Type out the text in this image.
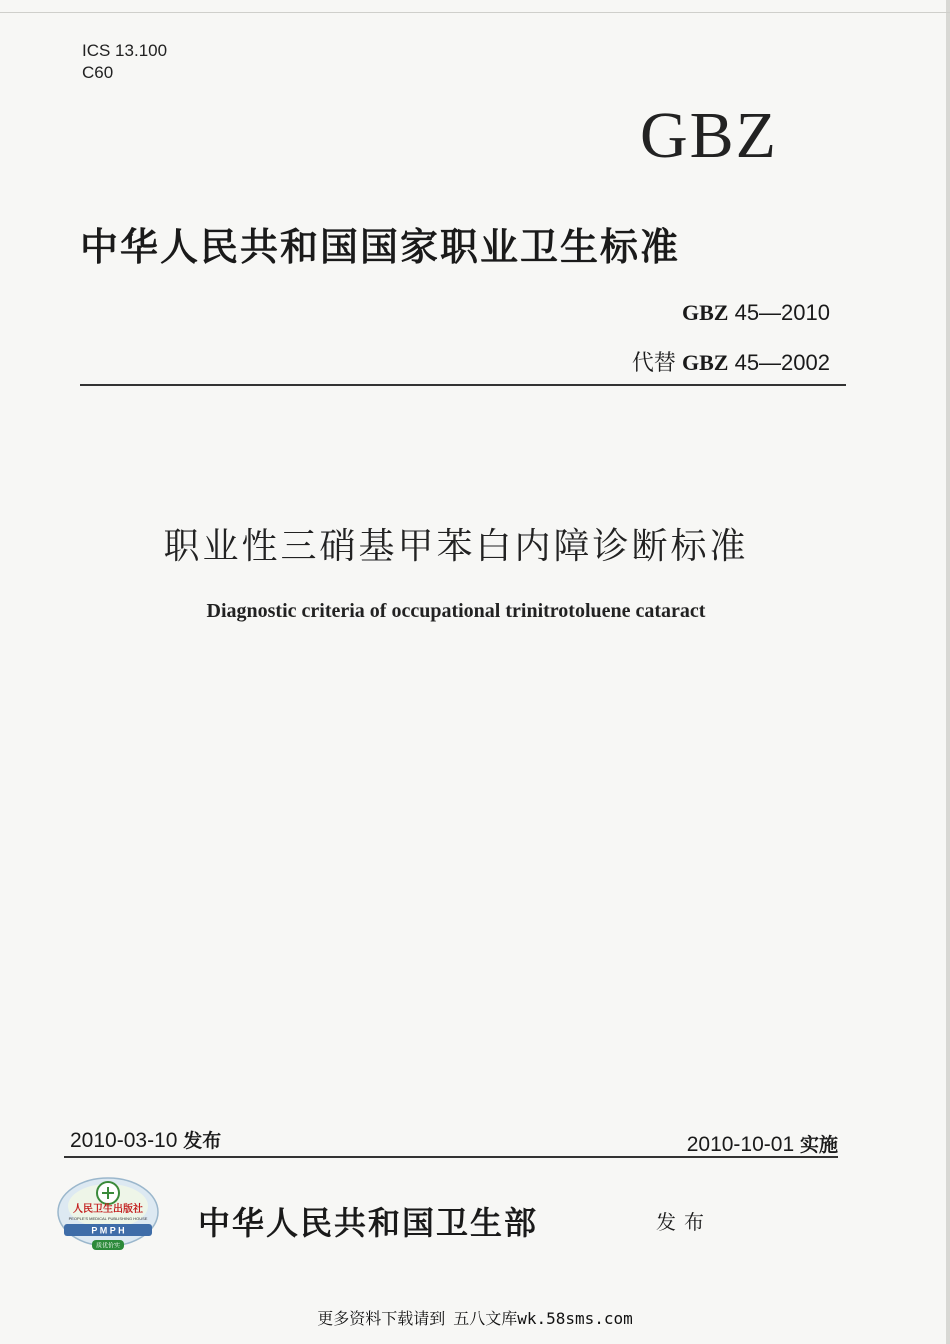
ICS 13.100
C60
GBZ
中华人民共和国国家职业卫生标准
GBZ 45—2010
代替 GBZ 45—2002
职业性三硝基甲苯白内障诊断标准
Diagnostic criteria of occupational trinitrotoluene cataract
2010-03-10 发布	2010-10-01 实施
人民卫生出版社
PEOPLE'S MEDICAL PUBLISHING HOUSE
P M P H
质优价实
中华人民共和国卫生部	发布
更多资料下载请到 五八文库wk.58sms.com
